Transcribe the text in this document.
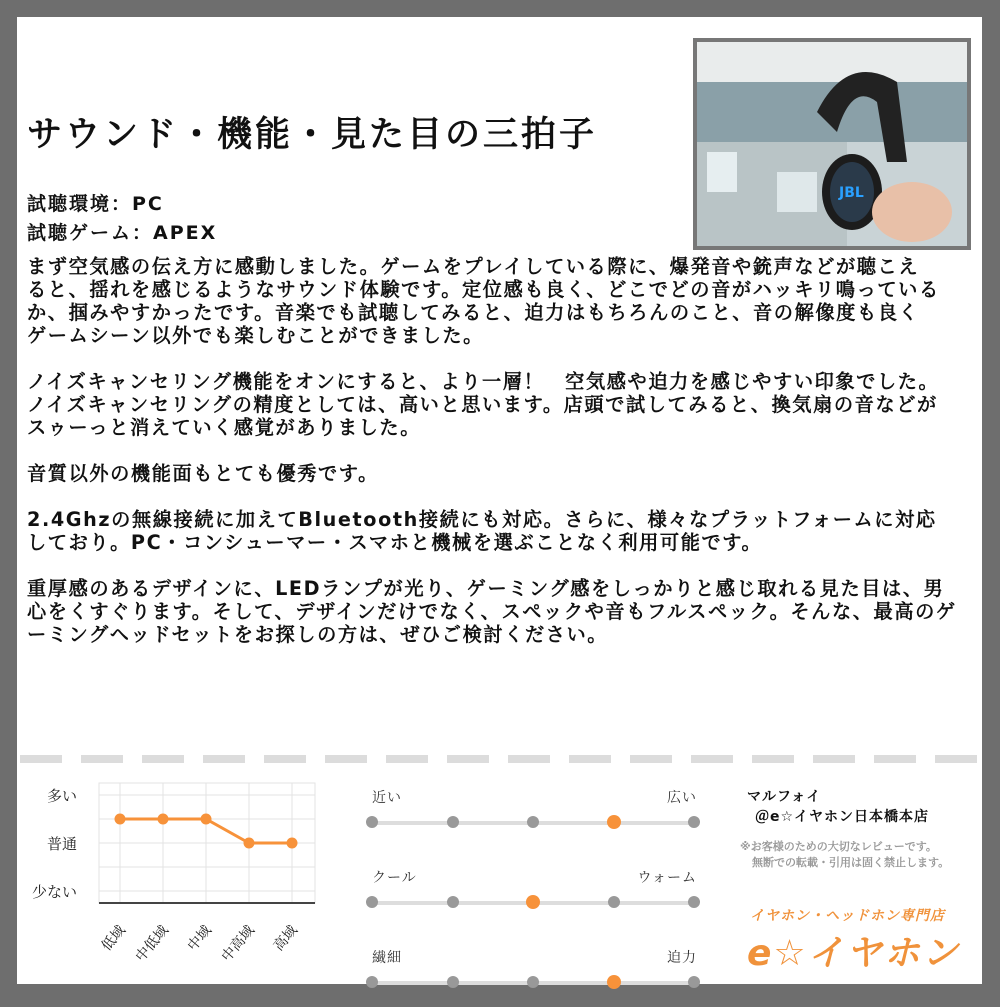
サウンド・機能・見た目の三拍子
試聴環境：PC
試聴ゲーム：APEX
JBL
まず空気感の伝え方に感動しました。ゲームをプレイしている際に、爆発音や銃声などが聴こえ
ると、揺れを感じるようなサウンド体験です。定位感も良く、どこでどの音がハッキリ鳴っている
か、掴みやすかったです。音楽でも試聴してみると、迫力はもちろんのこと、音の解像度も良く
ゲームシーン以外でも楽しむことができました。
ノイズキャンセリング機能をオンにすると、より一層！　空気感や迫力を感じやすい印象でした。
ノイズキャンセリングの精度としては、高いと思います。店頭で試してみると、換気扇の音などが
スゥーっと消えていく感覚がありました。
音質以外の機能面もとても優秀です。
2.4Ghzの無線接続に加えてBluetooth接続にも対応。さらに、様々なプラットフォームに対応
しており。PC・コンシューマー・スマホと機械を選ぶことなく利用可能です。
重厚感のあるデザインに、LEDランプが光り、ゲーミング感をしっかりと感じ取れる見た目は、男
心をくすぐります。そして、デザインだけでなく、スペックや音もフルスペック。そんな、最高のゲ
ーミングヘッドセットをお探しの方は、ぜひご検討ください。
多い
普通
少ない
低域 中低域 中域 中高域 高域
近い	広い
クール	ウォーム
繊細	迫力
マルフォイ
＠e☆イヤホン日本橋本店
※お客様のための大切なレビューです。
無断での転載・引用は固く禁止します。
イヤホン・ヘッドホン専門店
e☆イヤホン
